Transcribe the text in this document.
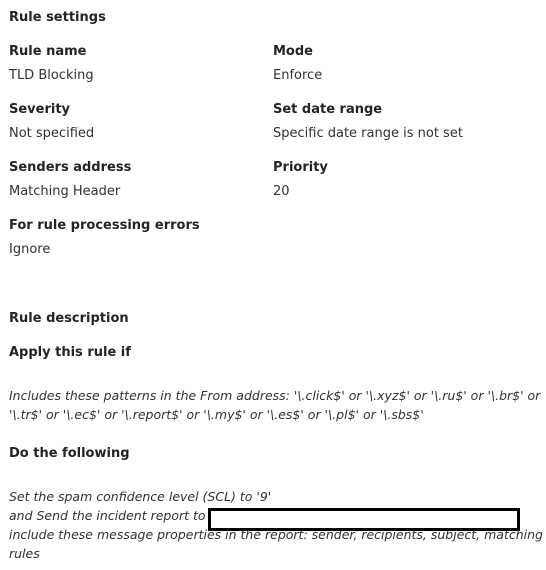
Rule settings
Rule name
TLD Blocking
Mode
Enforce
Severity
Not specified
Set date range
Specific date range is not set
Senders address
Matching Header
Priority
20
For rule processing errors
Ignore
Rule description
Apply this rule if
Includes these patterns in the From address: '\.click$' or '\.xyz$' or '\.ru$' or '\.br$' or
'\.tr$' or '\.ec$' or '\.report$' or '\.my$' or '\.es$' or '\.pl$' or '\.sbs$'
Do the following
Set the spam confidence level (SCL) to '9'
and Send the incident report to
include these message properties in the report: sender, recipients, subject, matching
rules
